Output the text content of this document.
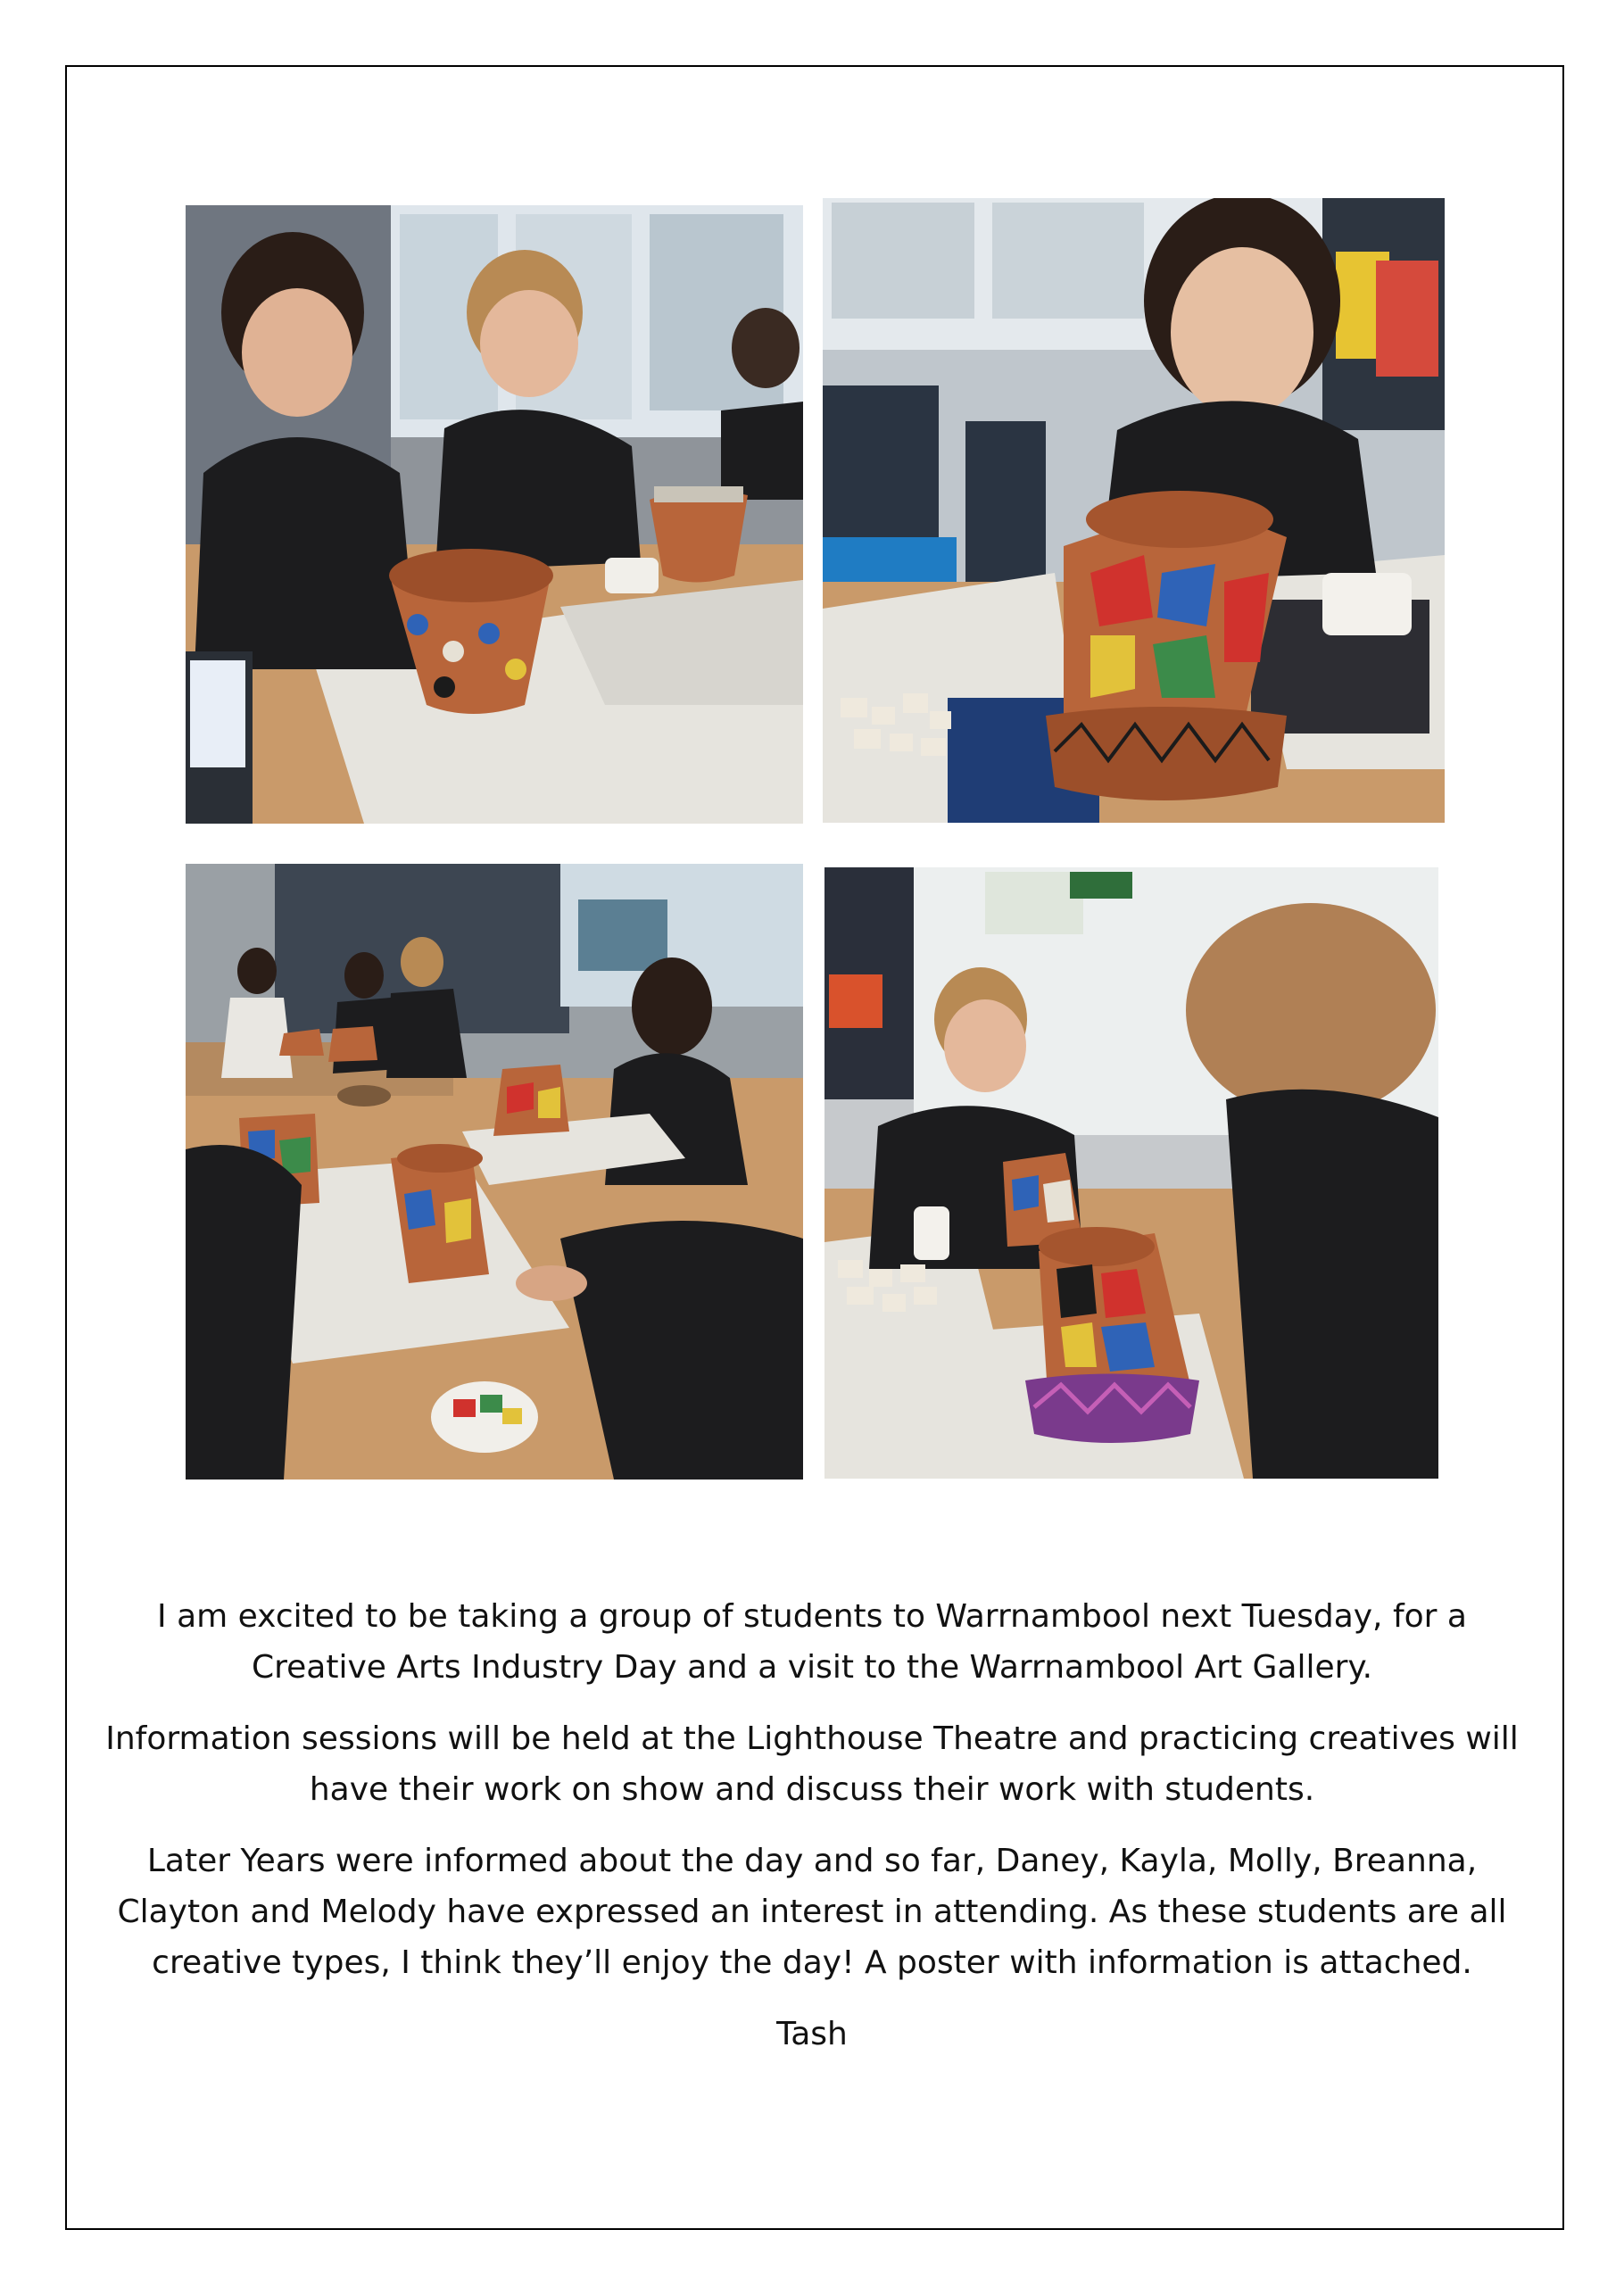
I am excited to be taking a group of students to Warrnambool next Tuesday, for a Creative Arts Industry Day and a visit to the Warrnambool Art Gallery.

Information sessions will be held at the Lighthouse Theatre and practicing creatives will have their work on show and discuss their work with students.

Later Years were informed about the day and so far, Daney, Kayla, Molly, Breanna, Clayton and Melody have expressed an interest in attending. As these students are all creative types, I think they’ll enjoy the day! A poster with information is attached.

Tash
